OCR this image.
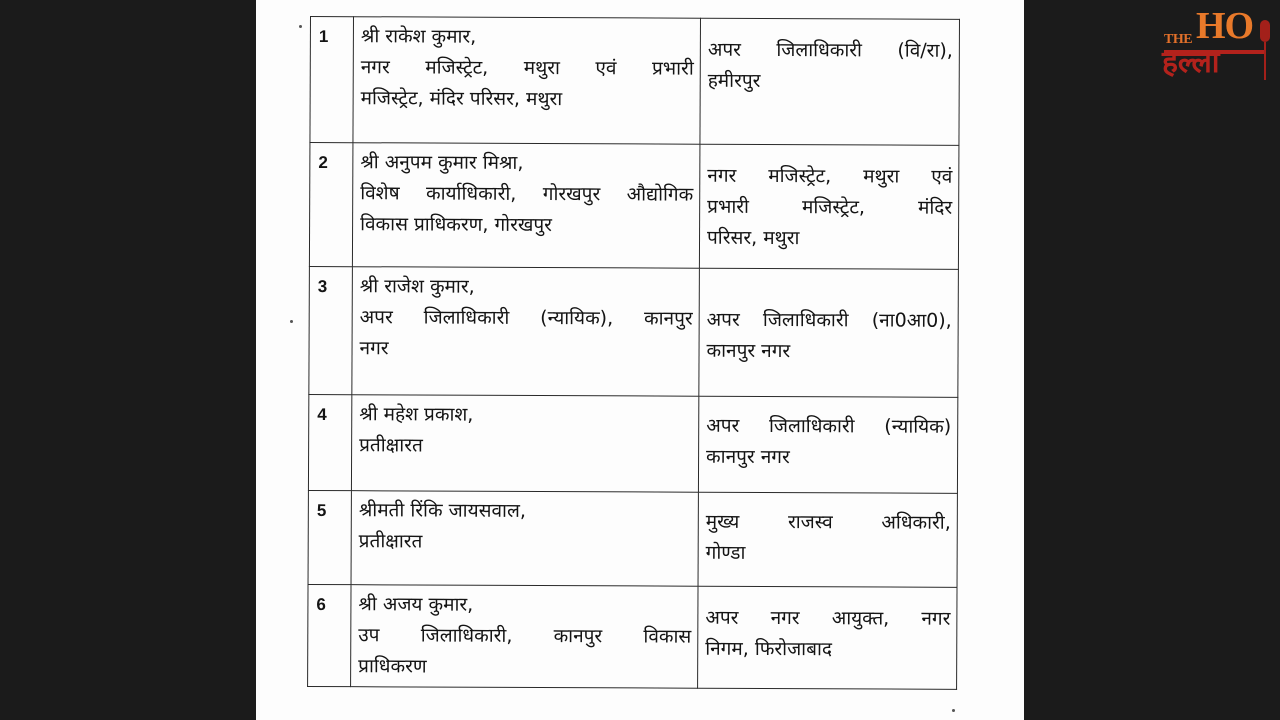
1	श्री राकेश कुमार,
नगर मजिस्ट्रेट, मथुरा एवं प्रभारी
मजिस्ट्रेट, मंदिर परिसर, मथुरा	अपर जिलाधिकारी (वि/रा),
हमीरपुर

2	श्री अनुपम कुमार मिश्रा,
विशेष कार्याधिकारी, गोरखपुर औद्योगिक
विकास प्राधिकरण, गोरखपुर	नगर मजिस्ट्रेट, मथुरा एवं
प्रभारी मजिस्ट्रेट, मंदिर
परिसर, मथुरा

3	श्री राजेश कुमार,
अपर जिलाधिकारी (न्यायिक), कानपुर
नगर	अपर जिलाधिकारी (ना0आ0),
कानपुर नगर

4	श्री महेश प्रकाश,
प्रतीक्षारत	अपर जिलाधिकारी (न्यायिक)
कानपुर नगर

5	श्रीमती रिंकि जायसवाल,
प्रतीक्षारत	मुख्य राजस्व अधिकारी,
गोण्डा

6	श्री अजय कुमार,
उप जिलाधिकारी, कानपुर विकास
प्राधिकरण	अपर नगर आयुक्त, नगर
निगम, फिरोजाबाद
THE HO
हल्ला
